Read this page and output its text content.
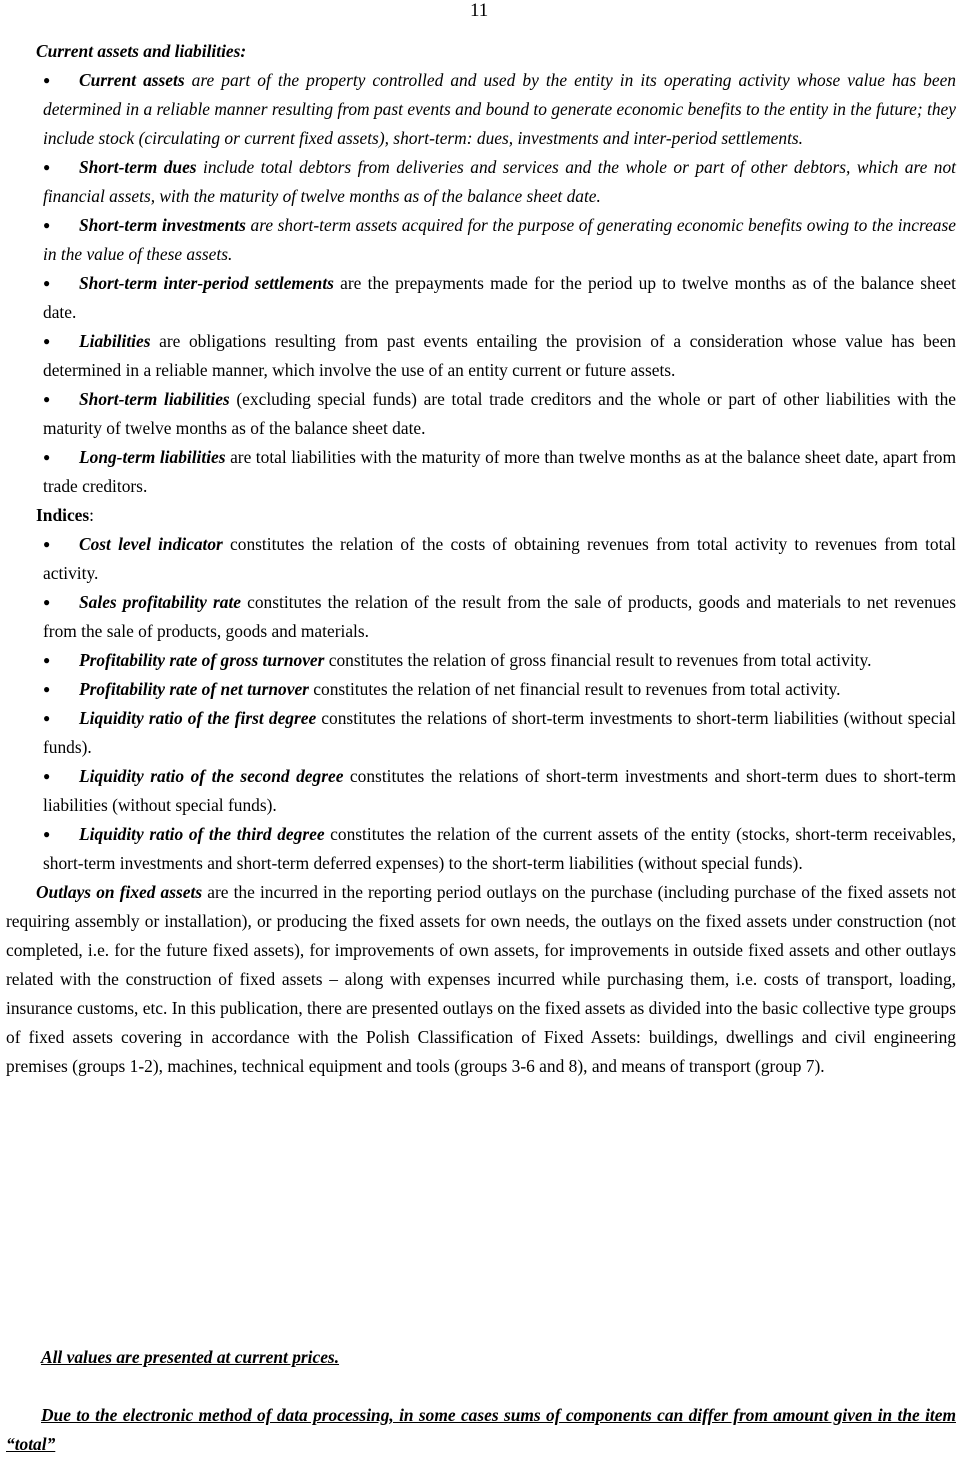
11

Current assets and liabilities:

●	Current assets are part of the property controlled and used by the entity in its operating activity whose value has been determined in a reliable manner resulting from past events and bound to generate economic benefits to the entity in the future; they include stock (circulating or current fixed assets), short-term: dues, investments and inter-period settlements.

●	Short-term dues include total debtors from deliveries and services and the whole or part of other debtors, which are not financial assets, with the maturity of twelve months as of the balance sheet date.

●	Short-term investments are short-term assets acquired for the purpose of generating economic benefits owing to the increase in the value of these assets.

●	Short-term inter-period settlements are the prepayments made for the period up to twelve months as of the balance sheet date.

●	Liabilities are obligations resulting from past events entailing the provision of a consideration whose value has been determined in a reliable manner, which involve the use of an entity current or future assets.

●	Short-term liabilities (excluding special funds) are total trade creditors and the whole or part of other liabilities with the maturity of twelve months as of the balance sheet date.

●	Long-term liabilities are total liabilities with the maturity of more than twelve months as at the balance sheet date, apart from trade creditors.

Indices:

●	Cost level indicator constitutes the relation of the costs of obtaining revenues from total activity to revenues from total activity.

●	Sales profitability rate constitutes the relation of the result from the sale of products, goods and materials to net revenues from the sale of products, goods and materials.

●	Profitability rate of gross turnover constitutes the relation of gross financial result to revenues from total activity.

●	Profitability rate of net turnover constitutes the relation of net financial result to revenues from total activity.

●	Liquidity ratio of the first degree constitutes the relations of short-term investments to short-term liabilities (without special funds).

●	Liquidity ratio of the second degree constitutes the relations of short-term investments and short-term dues to short-term liabilities (without special funds).

●	Liquidity ratio of the third degree constitutes the relation of the current assets of the entity (stocks, short-term receivables, short-term investments and short-term deferred expenses) to the short-term liabilities (without special funds).

Outlays on fixed assets are the incurred in the reporting period outlays on the purchase (including purchase of the fixed assets not requiring assembly or installation), or producing the fixed assets for own needs, the outlays on the fixed assets under construction (not completed, i.e. for the future fixed assets), for improvements of own assets, for improvements in outside fixed assets and other outlays related with the construction of fixed assets – along with expenses incurred while purchasing them, i.e. costs of transport, loading, insurance customs, etc. In this publication, there are presented outlays on the fixed assets as divided into the basic collective type groups of fixed assets covering in accordance with the Polish Classification of Fixed Assets: buildings, dwellings and civil engineering premises (groups 1-2), machines, technical equipment and tools (groups 3-6 and 8), and means of transport (group 7).

All values are presented at current prices.

Due to the electronic method of data processing, in some cases sums of components can differ from amount given in the item “total”
